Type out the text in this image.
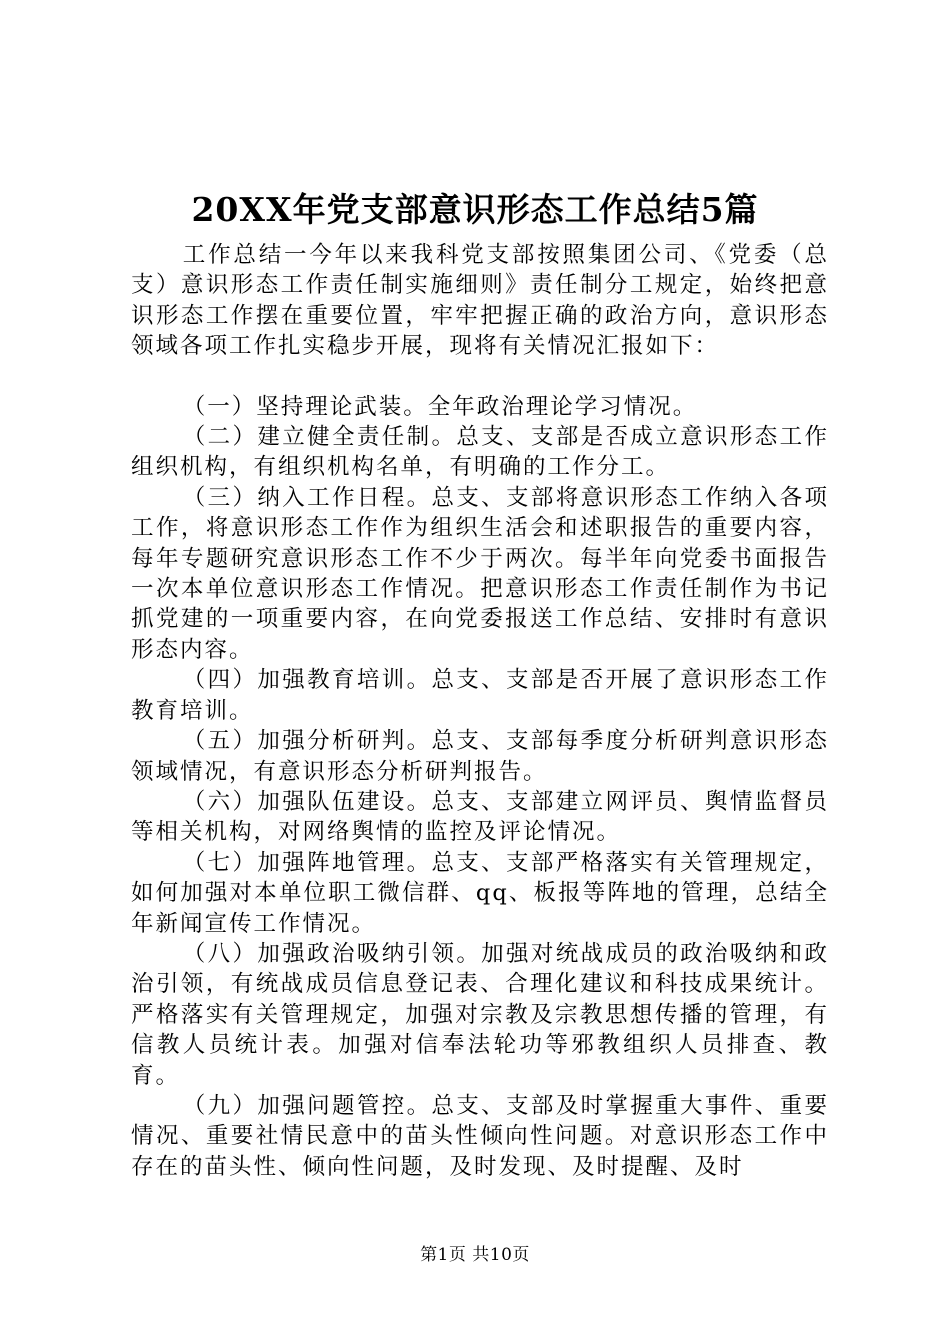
20XX年党支部意识形态工作总结5篇

工作总结一今年以来我科党支部按照集团公司、《党委（总支）意识形态工作责任制实施细则》责任制分工规定，始终把意识形态工作摆在重要位置，牢牢把握正确的政治方向，意识形态领域各项工作扎实稳步开展，现将有关情况汇报如下：

（一）坚持理论武装。全年政治理论学习情况。

（二）建立健全责任制。总支、支部是否成立意识形态工作组织机构，有组织机构名单，有明确的工作分工。

（三）纳入工作日程。总支、支部将意识形态工作纳入各项工作，将意识形态工作作为组织生活会和述职报告的重要内容，每年专题研究意识形态工作不少于两次。每半年向党委书面报告一次本单位意识形态工作情况。把意识形态工作责任制作为书记抓党建的一项重要内容，在向党委报送工作总结、安排时有意识形态内容。

（四）加强教育培训。总支、支部是否开展了意识形态工作教育培训。

（五）加强分析研判。总支、支部每季度分析研判意识形态领域情况，有意识形态分析研判报告。

（六）加强队伍建设。总支、支部建立网评员、舆情监督员等相关机构，对网络舆情的监控及评论情况。

（七）加强阵地管理。总支、支部严格落实有关管理规定，如何加强对本单位职工微信群、qq、板报等阵地的管理，总结全年新闻宣传工作情况。

（八）加强政治吸纳引领。加强对统战成员的政治吸纳和政治引领，有统战成员信息登记表、合理化建议和科技成果统计。严格落实有关管理规定，加强对宗教及宗教思想传播的管理，有信教人员统计表。加强对信奉法轮功等邪教组织人员排查、教育。

（九）加强问题管控。总支、支部及时掌握重大事件、重要情况、重要社情民意中的苗头性倾向性问题。对意识形态工作中存在的苗头性、倾向性问题，及时发现、及时提醒、及时

第1页 共10页
